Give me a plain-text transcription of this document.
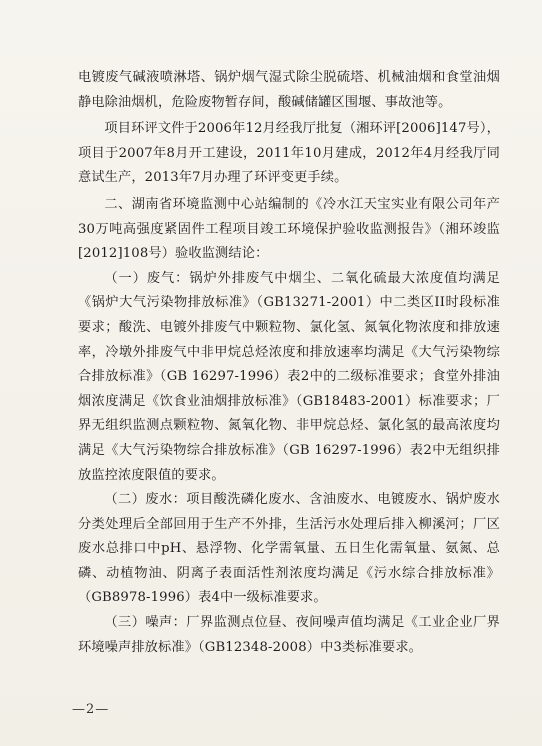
电镀废气碱液喷淋塔、锅炉烟气湿式除尘脱硫塔、机械油烟和食堂油烟静电除油烟机，危险废物暂存间，酸碱储罐区围堰、事故池等。

项目环评文件于2006年12月经我厅批复（湘环评[2006]147号），项目于2007年8月开工建设，2011年10月建成，2012年4月经我厅同意试生产，2013年7月办理了环评变更手续。

二、湖南省环境监测中心站编制的《冷水江天宝实业有限公司年产30万吨高强度紧固件工程项目竣工环境保护验收监测报告》（湘环竣监[2012]108号）验收监测结论：

（一）废气：锅炉外排废气中烟尘、二氧化硫最大浓度值均满足《锅炉大气污染物排放标准》（GB13271-2001）中二类区II时段标准要求；酸洗、电镀外排废气中颗粒物、氯化氢、氮氧化物浓度和排放速率，冷墩外排废气中非甲烷总烃浓度和排放速率均满足《大气污染物综合排放标准》（GB 16297-1996）表2中的二级标准要求；食堂外排油烟浓度满足《饮食业油烟排放标准》（GB18483-2001）标准要求；厂界无组织监测点颗粒物、氮氧化物、非甲烷总烃、氯化氢的最高浓度均满足《大气污染物综合排放标准》（GB 16297-1996）表2中无组织排放监控浓度限值的要求。

（二）废水：项目酸洗磷化废水、含油废水、电镀废水、锅炉废水分类处理后全部回用于生产不外排，生活污水处理后排入柳溪河；厂区废水总排口中pH、悬浮物、化学需氧量、五日生化需氧量、氨氮、总磷、动植物油、阴离子表面活性剂浓度均满足《污水综合排放标准》（GB8978-1996）表4中一级标准要求。

（三）噪声：厂界监测点位昼、夜间噪声值均满足《工业企业厂界环境噪声排放标准》（GB12348-2008）中3类标准要求。

—2—
